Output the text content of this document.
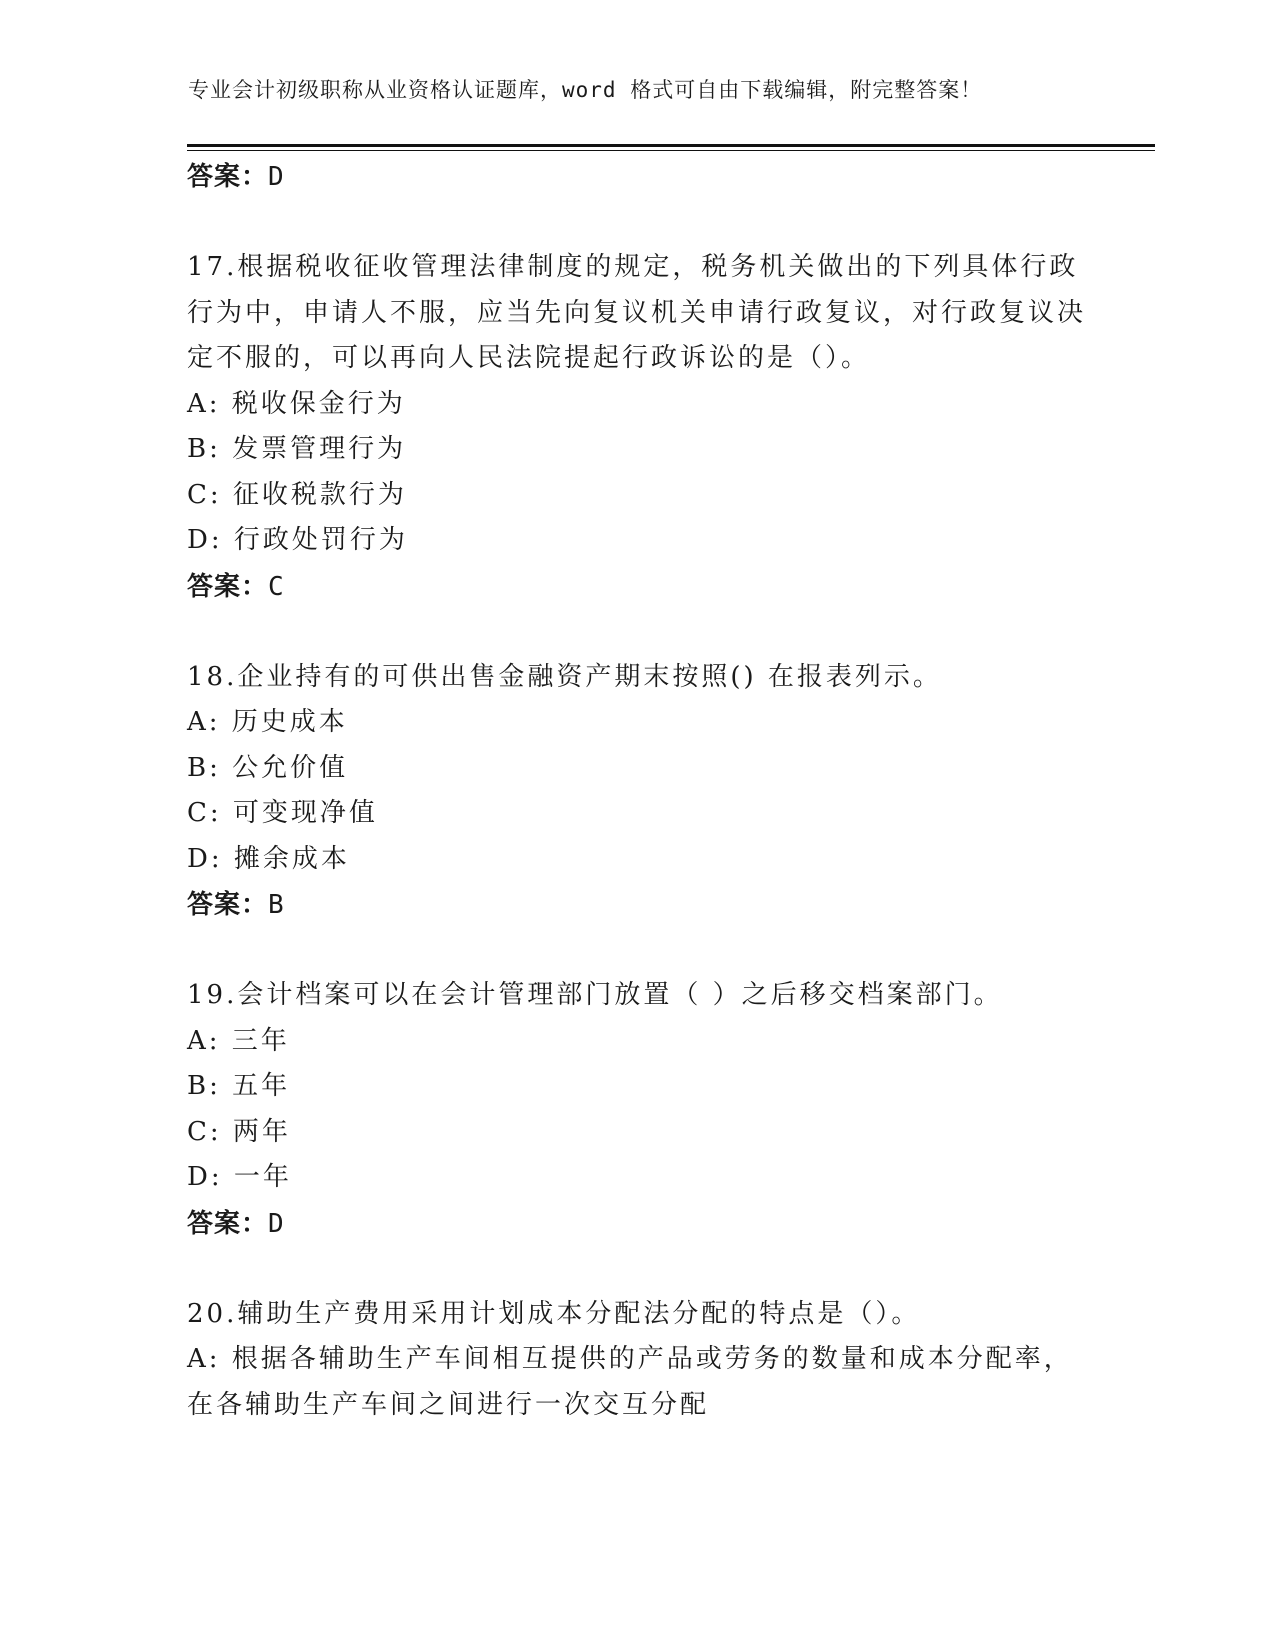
专业会计初级职称从业资格认证题库，word 格式可自由下载编辑，附完整答案！
答案：D
17.根据税收征收管理法律制度的规定，税务机关做出的下列具体行政行为中，申请人不服，应当先向复议机关申请行政复议，对行政复议决定不服的，可以再向人民法院提起行政诉讼的是（）。
A: 税收保金行为
B: 发票管理行为
C: 征收税款行为
D: 行政处罚行为
答案：C
18.企业持有的可供出售金融资产期末按照() 在报表列示。
A: 历史成本
B: 公允价值
C: 可变现净值
D: 摊余成本
答案：B
19.会计档案可以在会计管理部门放置（ ）之后移交档案部门。
A: 三年
B: 五年
C: 两年
D: 一年
答案：D
20.辅助生产费用采用计划成本分配法分配的特点是（）。
A: 根据各辅助生产车间相互提供的产品或劳务的数量和成本分配率，在各辅助生产车间之间进行一次交互分配
